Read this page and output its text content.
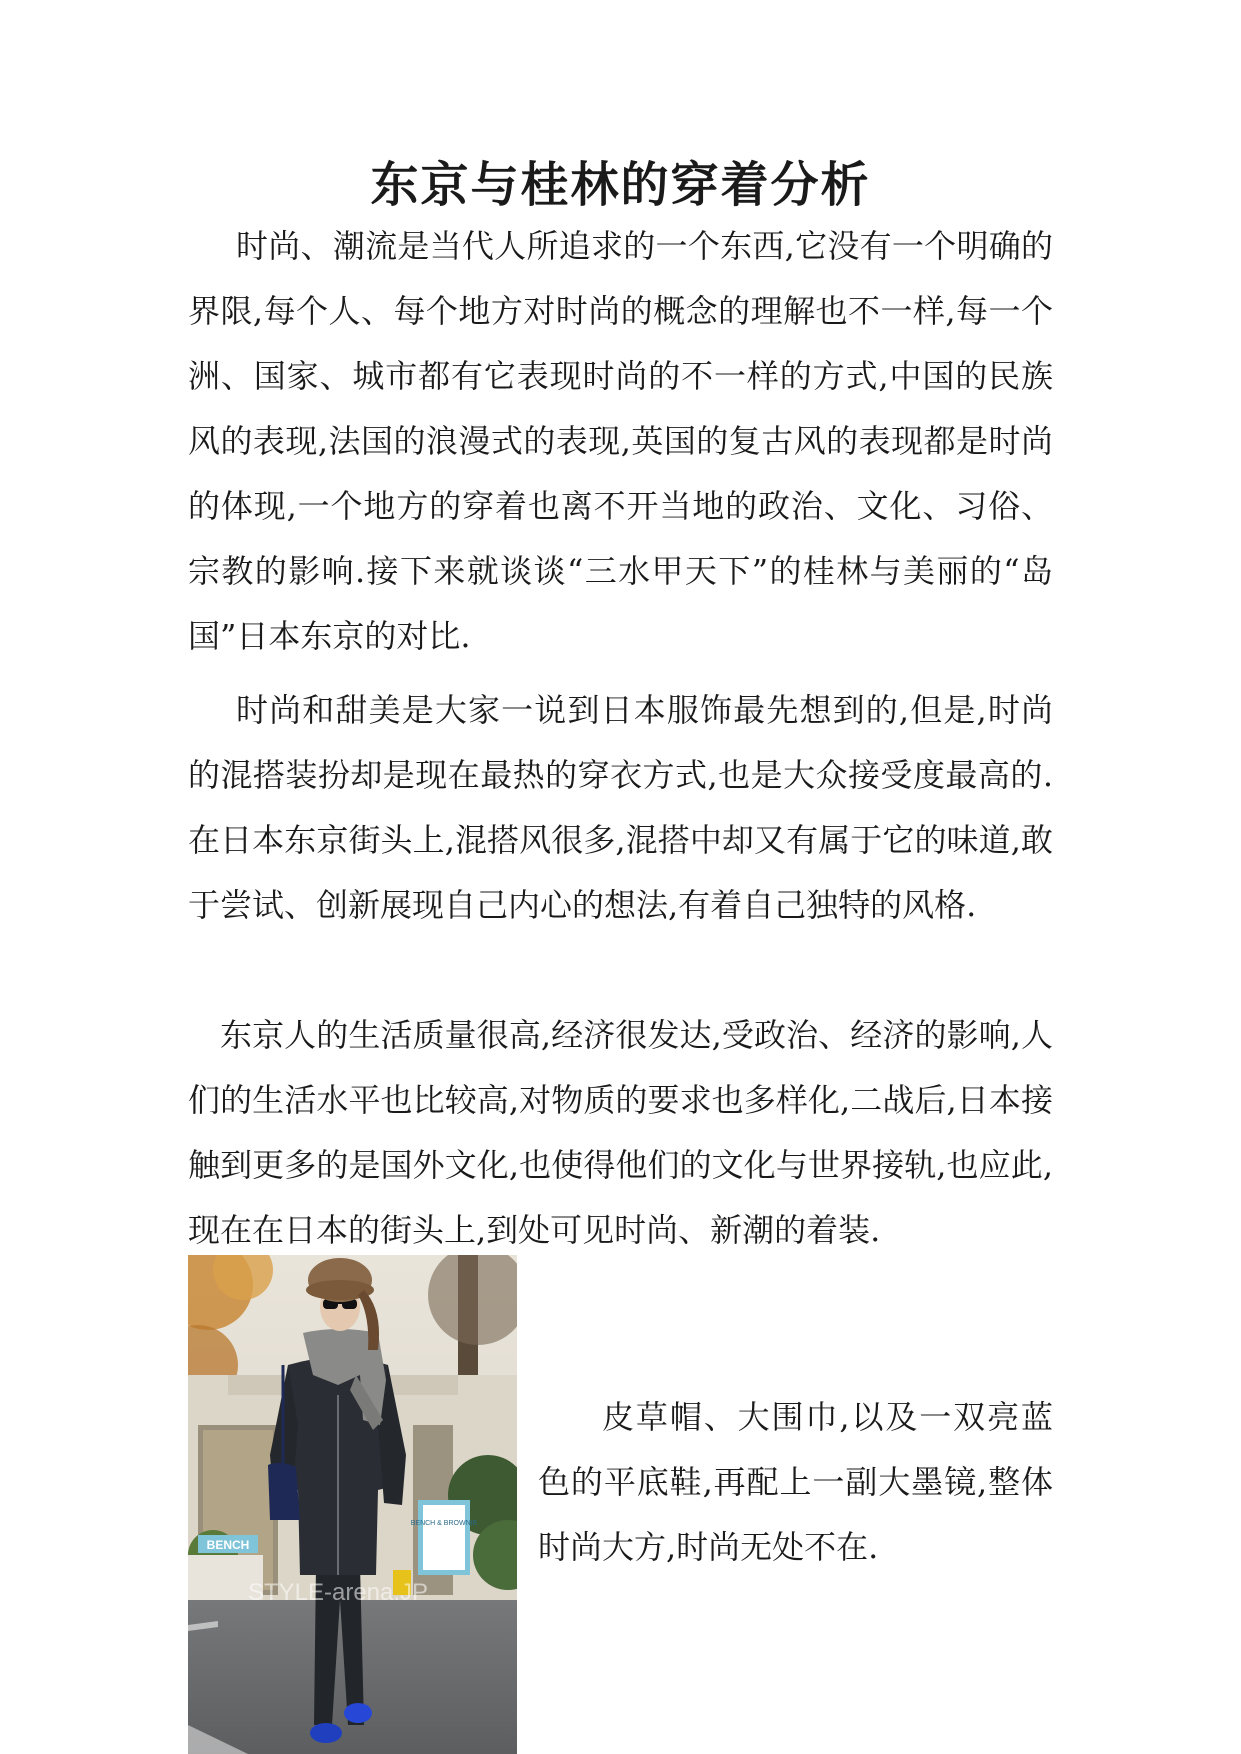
东京与桂林的穿着分析

时尚、潮流是当代人所追求的一个东西,它没有一个明确的界限,每个人、每个地方对时尚的概念的理解也不一样,每一个洲、国家、城市都有它表现时尚的不一样的方式,中国的民族风的表现,法国的浪漫式的表现,英国的复古风的表现都是时尚的体现,一个地方的穿着也离不开当地的政治、文化、习俗、宗教的影响.接下来就谈谈“三水甲天下”的桂林与美丽的“岛国”日本东京的对比.

时尚和甜美是大家一说到日本服饰最先想到的,但是,时尚的混搭装扮却是现在最热的穿衣方式,也是大众接受度最高的.在日本东京街头上,混搭风很多,混搭中却又有属于它的味道,敢于尝试、创新展现自己内心的想法,有着自己独特的风格.

东京人的生活质量很高,经济很发达,受政治、经济的影响,人们的生活水平也比较高,对物质的要求也多样化,二战后,日本接触到更多的是国外文化,也使得他们的文化与世界接轨,也应此,现在在日本的街头上,到处可见时尚、新潮的着装.

BENCH
BENCH & BROWNIE
STYLE-arena.JP

皮草帽、大围巾,以及一双亮蓝色的平底鞋,再配上一副大墨镜,整体时尚大方,时尚无处不在.
